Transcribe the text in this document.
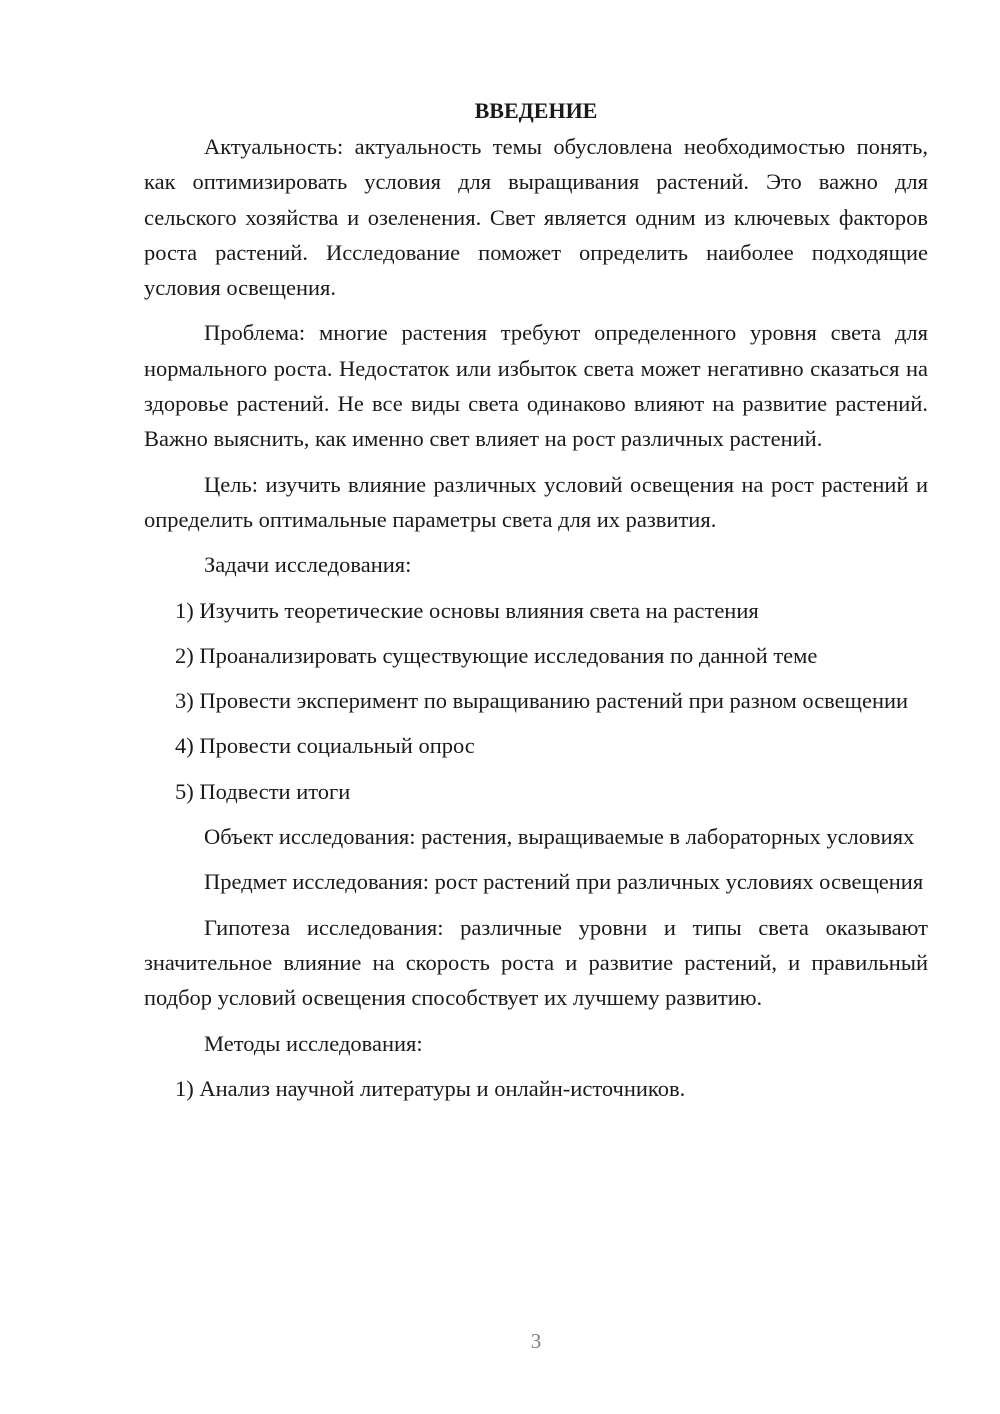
ВВЕДЕНИЕ

Актуальность: актуальность темы обусловлена необходимостью понять, как оптимизировать условия для выращивания растений. Это важно для сельского хозяйства и озеленения. Свет является одним из ключевых факторов роста растений. Исследование поможет определить наиболее подходящие условия освещения.

Проблема: многие растения требуют определенного уровня света для нормального роста. Недостаток или избыток света может негативно сказаться на здоровье растений. Не все виды света одинаково влияют на развитие растений. Важно выяснить, как именно свет влияет на рост различных растений.

Цель: изучить влияние различных условий освещения на рост растений и определить оптимальные параметры света для их развития.

Задачи исследования:

1) Изучить теоретические основы влияния света на растения

2) Проанализировать существующие исследования по данной теме

3) Провести эксперимент по выращиванию растений при разном освещении

4) Провести социальный опрос

5) Подвести итоги

Объект исследования: растения, выращиваемые в лабораторных условиях

Предмет исследования: рост растений при различных условиях освещения

Гипотеза исследования: различные уровни и типы света оказывают значительное влияние на скорость роста и развитие растений, и правильный подбор условий освещения способствует их лучшему развитию.

Методы исследования:

1) Анализ научной литературы и онлайн-источников.

3
